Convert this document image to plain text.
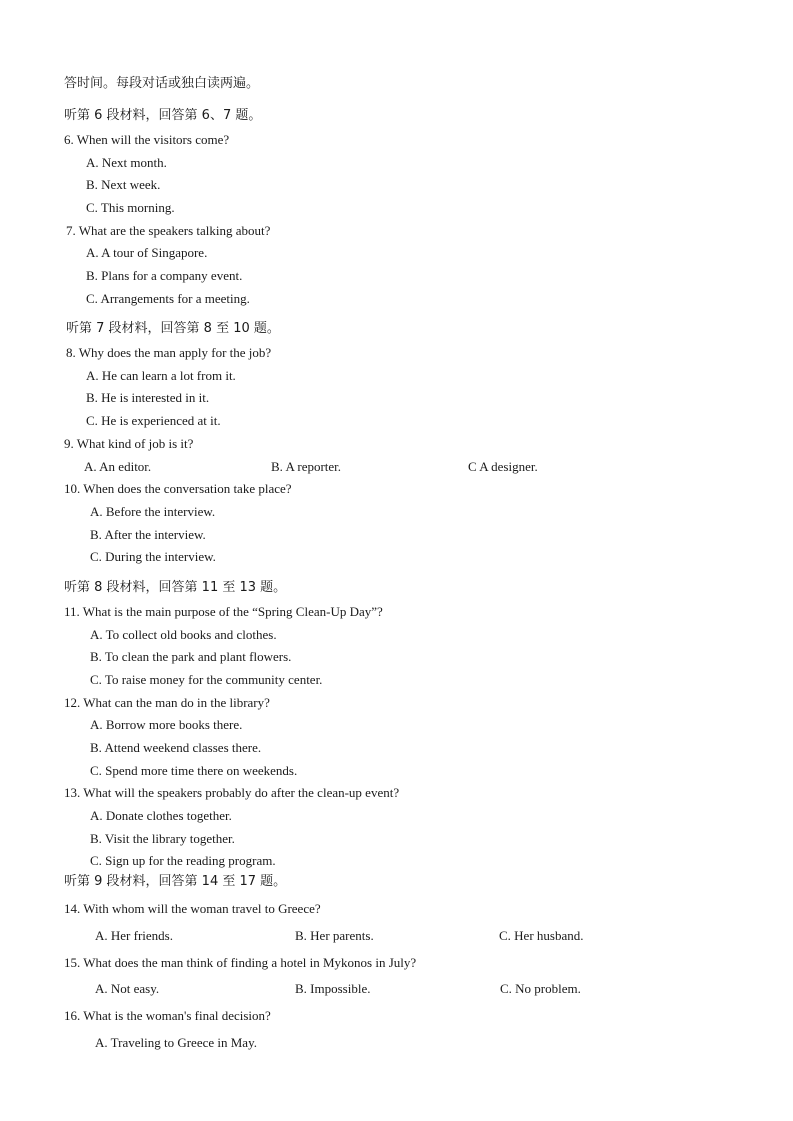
答时间。每段对话或独白读两遍。
听第 6 段材料，回答第 6、7 题。
6. When will the visitors come?
A. Next month.
B. Next week.
C. This morning.
7. What are the speakers talking about?
A. A tour of Singapore.
B. Plans for a company event.
C. Arrangements for a meeting.
听第 7 段材料，回答第 8 至 10 题。
8. Why does the man apply for the job?
A. He can learn a lot from it.
B. He is interested in it.
C. He is experienced at it.
9. What kind of job is it?
A. An editor.	B. A reporter.	C A designer.
10. When does the conversation take place?
A. Before the interview.
B. After the interview.
C. During the interview.
听第 8 段材料，回答第 11 至 13 题。
11. What is the main purpose of the “Spring Clean-Up Day”?
A. To collect old books and clothes.
B. To clean the park and plant flowers.
C. To raise money for the community center.
12. What can the man do in the library?
A. Borrow more books there.
B. Attend weekend classes there.
C. Spend more time there on weekends.
13. What will the speakers probably do after the clean-up event?
A. Donate clothes together.
B. Visit the library together.
C. Sign up for the reading program.
听第 9 段材料，回答第 14 至 17 题。
14. With whom will the woman travel to Greece?
A. Her friends.	B. Her parents.	C. Her husband.
15. What does the man think of finding a hotel in Mykonos in July?
A. Not easy.	B. Impossible.	C. No problem.
16. What is the woman's final decision?
A. Traveling to Greece in May.
